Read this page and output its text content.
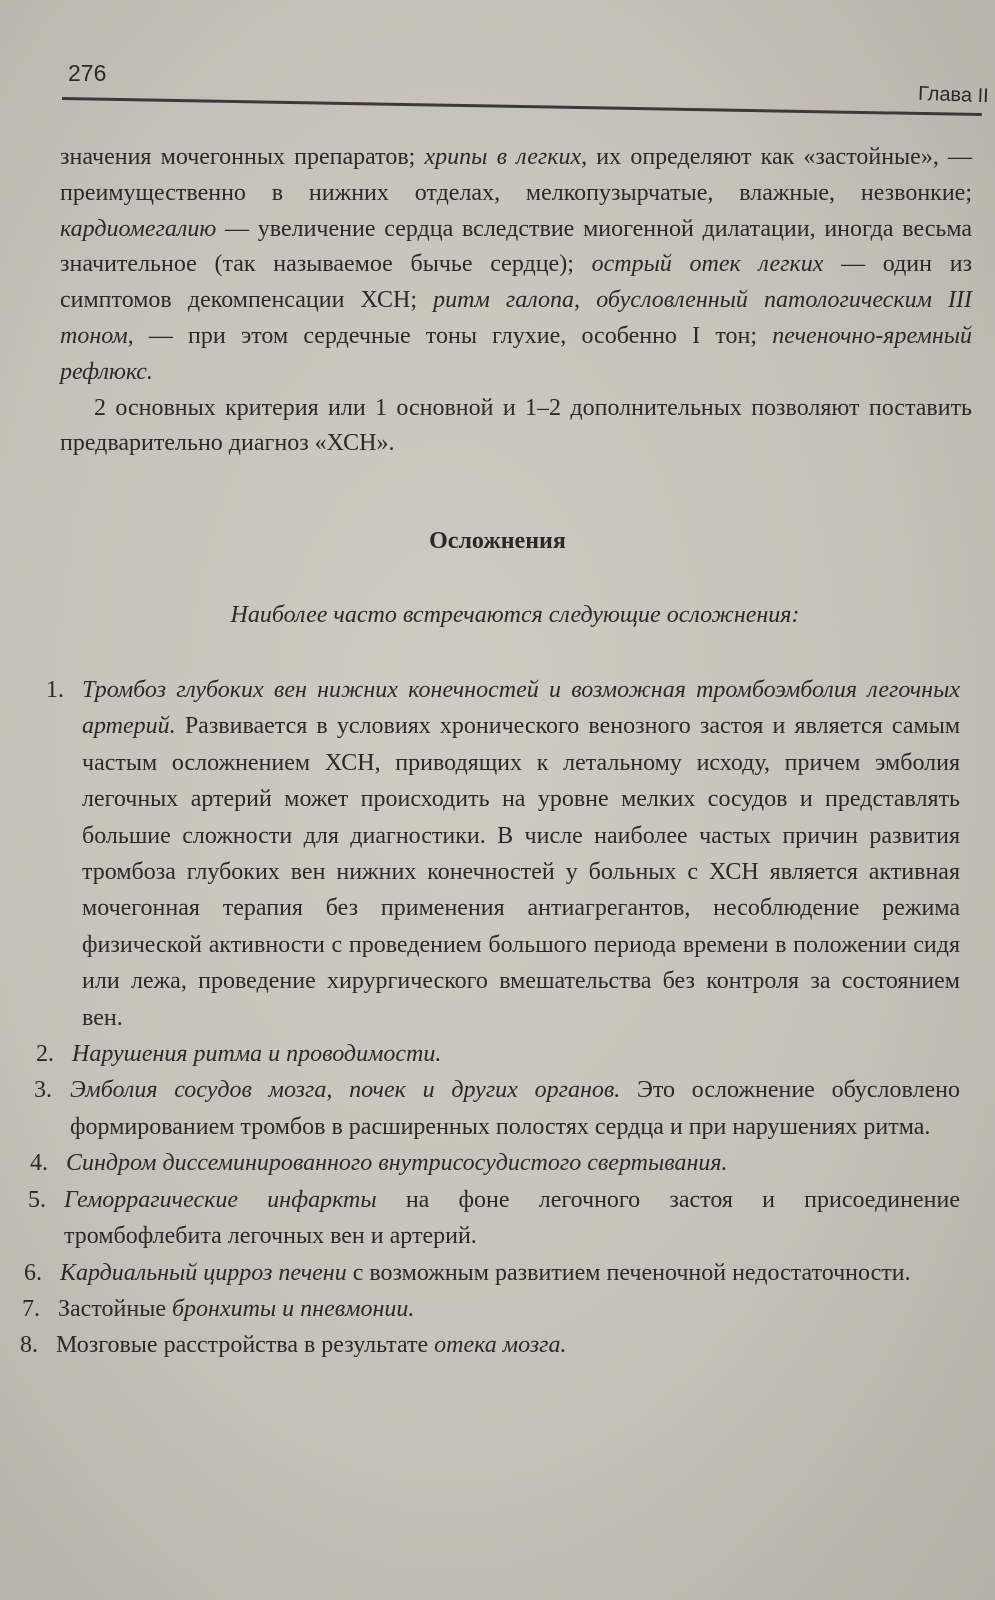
276
Глава II

значения мочегонных препаратов; хрипы в легких, их определяют как «застойные», — преимущественно в нижних отделах, мелкопузырчатые, влажные, незвонкие; кардиомегалию — увеличение сердца вследствие миогенной дилатации, иногда весьма значительное (так называемое бычье сердце); острый отек легких — один из симптомов декомпенсации ХСН; ритм галопа, обусловленный патологическим III тоном, — при этом сердечные тоны глухие, особенно I тон; печеночно-яремный рефлюкс.

2 основных критерия или 1 основной и 1–2 дополнительных позволяют поставить предварительно диагноз «ХСН».

Осложнения
Наиболее часто встречаются следующие осложнения:
1. Тромбоз глубоких вен нижних конечностей и возможная тромбоэмболия легочных артерий. Развивается в условиях хронического венозного застоя и является самым частым осложнением ХСН, приводящих к летальному исходу, причем эмболия легочных артерий может происходить на уровне мелких сосудов и представлять большие сложности для диагностики. В числе наиболее частых причин развития тромбоза глубоких вен нижних конечностей у больных с ХСН является активная мочегонная терапия без применения антиагрегантов, несоблюдение режима физической активности с проведением большого периода времени в положении сидя или лежа, проведение хирургического вмешательства без контроля за состоянием вен.
2. Нарушения ритма и проводимости.
3. Эмболия сосудов мозга, почек и других органов. Это осложнение обусловлено формированием тромбов в расширенных полостях сердца и при нарушениях ритма.
4. Синдром диссеминированного внутрисосудистого свертывания.
5. Геморрагические инфаркты на фоне легочного застоя и присоединение тромбофлебита легочных вен и артерий.
6. Кардиальный цирроз печени с возможным развитием печеночной недостаточности.
7. Застойные бронхиты и пневмонии.
8. Мозговые расстройства в результате отека мозга.
